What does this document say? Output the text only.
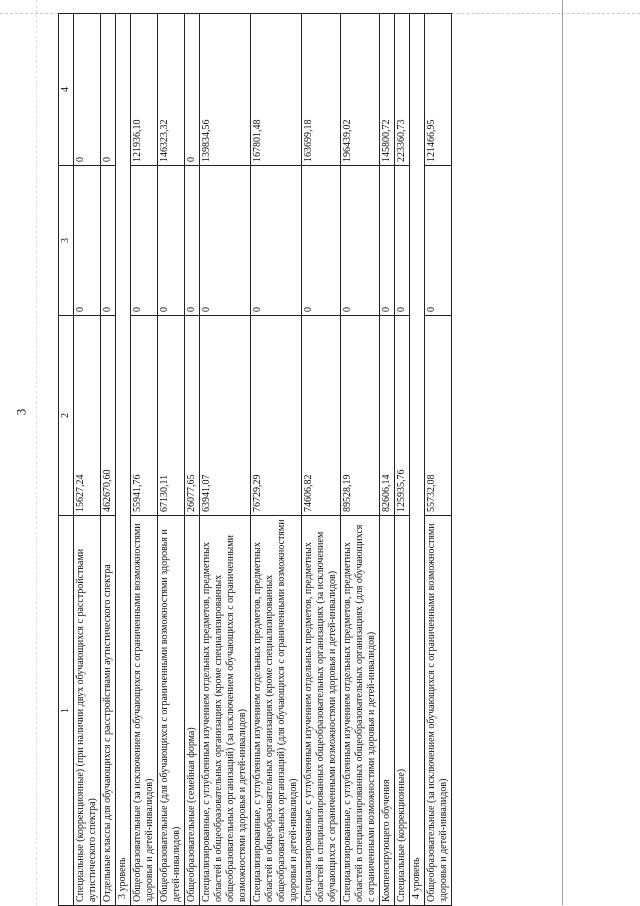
3
1	2	3	4
Специальные (коррекционные) (при наличии двух обучающихся с расстройствами аутистического спектра)	15627,24	0	0
Отдельные классы для обучающихся с расстройствами аутистического спектра	462670,60	0	0
3 уровень			
Общеобразовательные (за исключением обучающихся с ограниченными возможностями здоровья и детей-инвалидов)	55941,76	0	121936,10
Общеобразовательные (для обучающихся с ограниченными возможностями здоровья и детей-инвалидов)	67130,11	0	146323,32
Общеобразовательные (семейная форма)	26077,65	0	0
Специализированные, с углубленным изучением отдельных предметов, предметных областей в общеобразовательных организациях (кроме специализированных общеобразовательных организаций) (за исключением обучающихся с ограниченными возможностями здоровья и детей-инвалидов)	63941,07	0	139834,56
Специализированные, с углубленным изучением отдельных предметов, предметных областей в общеобразовательных организациях (кроме специализированных общеобразовательных организаций) (для обучающихся с ограниченными возможностями здоровья и детей-инвалидов)	76729,29	0	167801,48
Специализированные, с углубленным изучением отдельных предметов, предметных областей в специализированных общеобразовательных организациях (за исключением обучающихся с ограниченными возможностями здоровья и детей-инвалидов)	74606,82	0	163699,18
Специализированные, с углубленным изучением отдельных предметов, предметных областей в специализированных общеобразовательных организациях (для обучающихся с ограниченными возможностями здоровья и детей-инвалидов)	89528,19	0	196439,02
Компенсирующего обучения	82606,14	0	145800,72
Специальные (коррекционные)	125935,76	0	223360,73
4 уровень			
Общеобразовательные (за исключением обучающихся с ограниченными возможностями здоровья и детей-инвалидов)	55732,08	0	121466,95
